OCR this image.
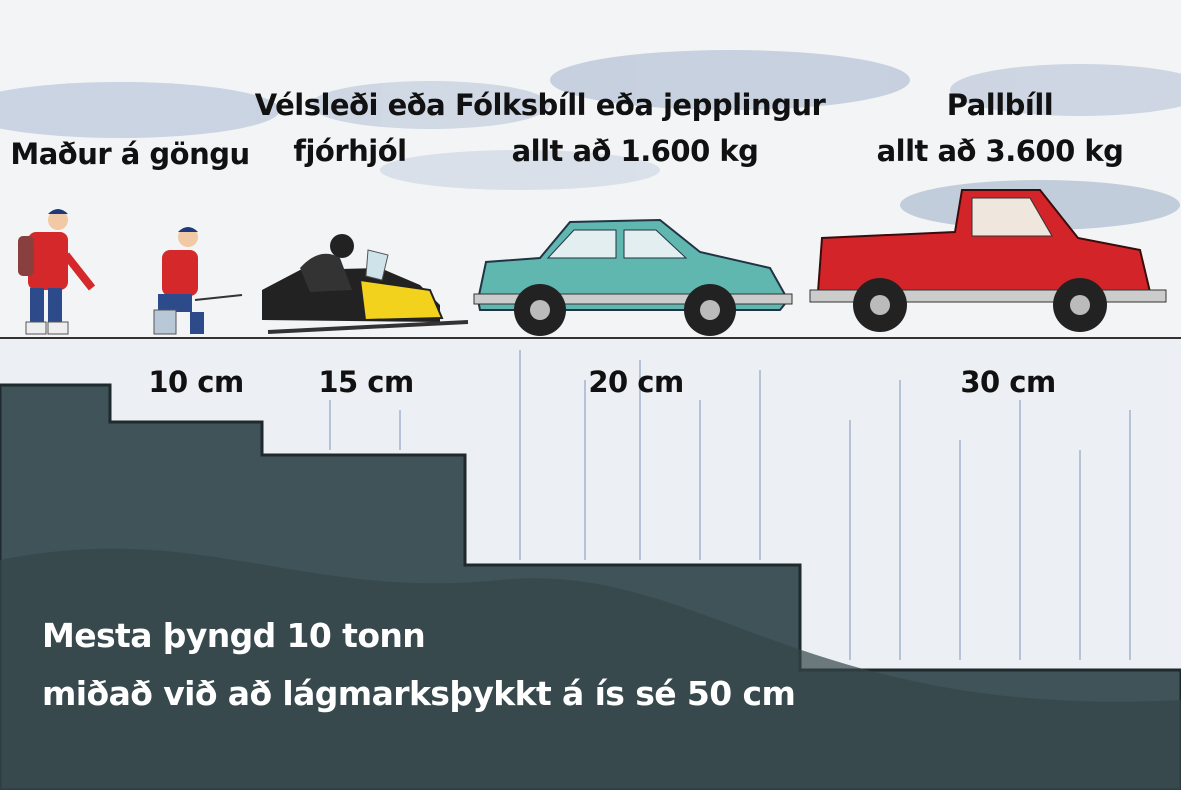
Maður á göngu
Vélsleði eða
fjórhjól
Fólksbíll eða jepplingur
allt að 1.600 kg
Pallbíll
allt að 3.600 kg
10 cm	15 cm	20 cm	30 cm
Mesta þyngd 10 tonn
miðað við að lágmarksþykkt á ís sé 50 cm
